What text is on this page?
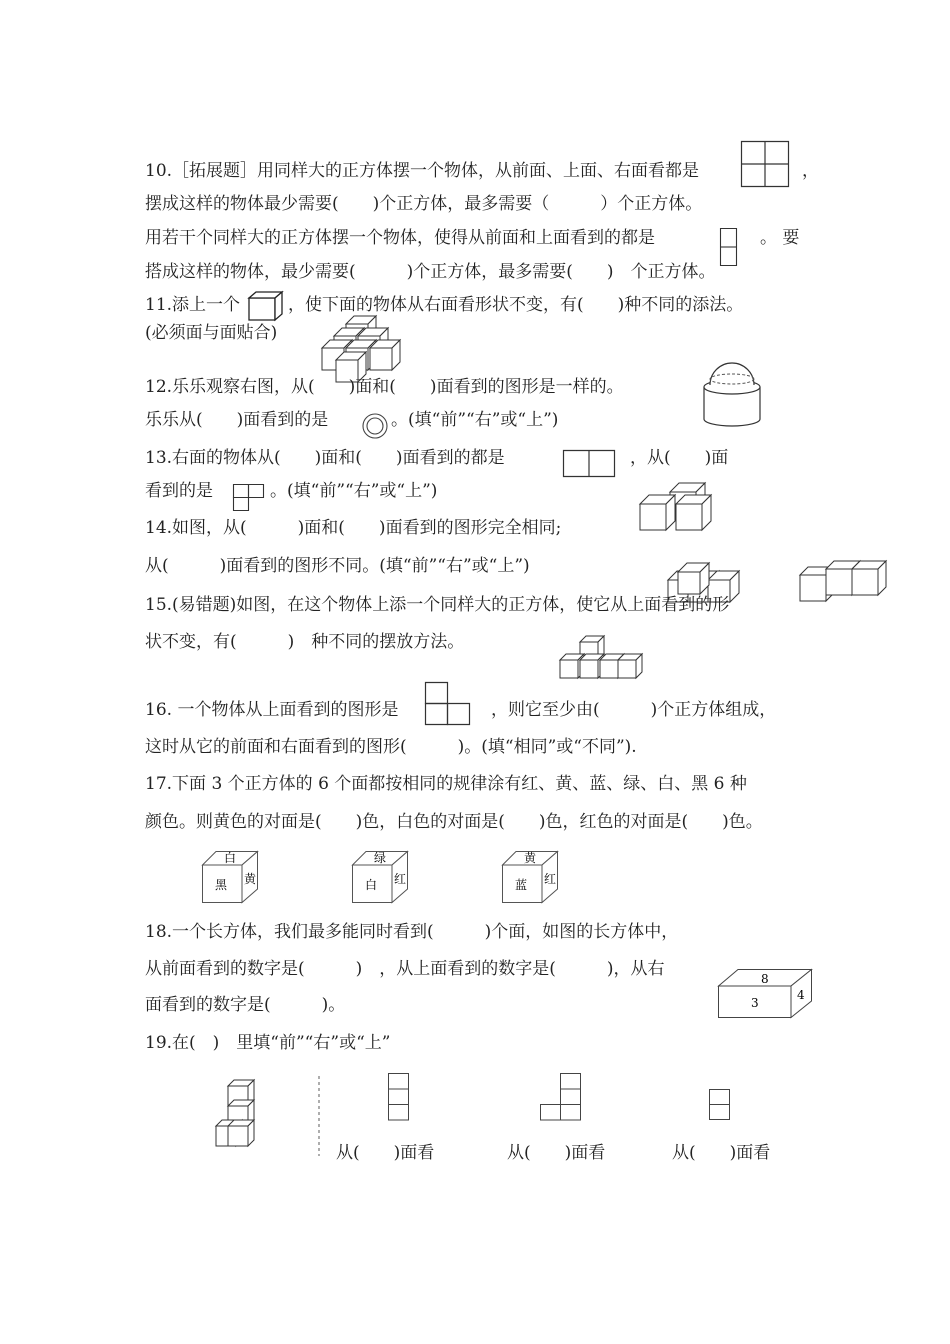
10.［拓展题］用同样大的正方体摆一个物体，从前面、上面、右面看都是	，
摆成这样的物体最少需要(　　)个正方体，最多需要（　　　）个正方体。
用若干个同样大的正方体摆一个物体，使得从前面和上面看到的都是	。 要
搭成这样的物体，最少需要(　　　)个正方体，最多需要(　　)　个正方体。
11.添上一个	，使下面的物体从右面看形状不变，有(　　)种不同的添法。
(必须面与面贴合)
12.乐乐观察右图，从(　　)面和(　　)面看到的图形是一样的。
乐乐从(　　)面看到的是	。(填“前”“右”或“上”)
13.右面的物体从(　　)面和(　　)面看到的都是	，从(　　)面
看到的是	。(填“前”“右”或“上”)
14.如图，从(　　　)面和(　　)面看到的图形完全相同;
从(　　　)面看到的图形不同。(填“前”“右”或“上”)
15.(易错题)如图，在这个物体上添一个同样大的正方体，使它从上面看到的形
状不变，有(　　　)　种不同的摆放方法。
16. 一个物体从上面看到的图形是	，则它至少由(　　　)个正方体组成，
这时从它的前面和右面看到的图形(　　　)。(填“相同”或“不同”).
17.下面 3 个正方体的 6 个面都按相同的规律涂有红、黄、蓝、绿、白、黑 6 种
颜色。则黄色的对面是(　　)色，白色的对面是(　　)色，红色的对面是(　　)色。
白
黑 黄
绿
白 红
黄
蓝 红
18.一个长方体，我们最多能同时看到(　　　)个面，如图的长方体中，
从前面看到的数字是(　　　)　，从上面看到的数字是(　　　)，从右
面看到的数字是(　　　)。
8
3
4
19.在(　)　里填“前”“右”或“上”
从(　　)面看	从(　　)面看	从(　　)面看
